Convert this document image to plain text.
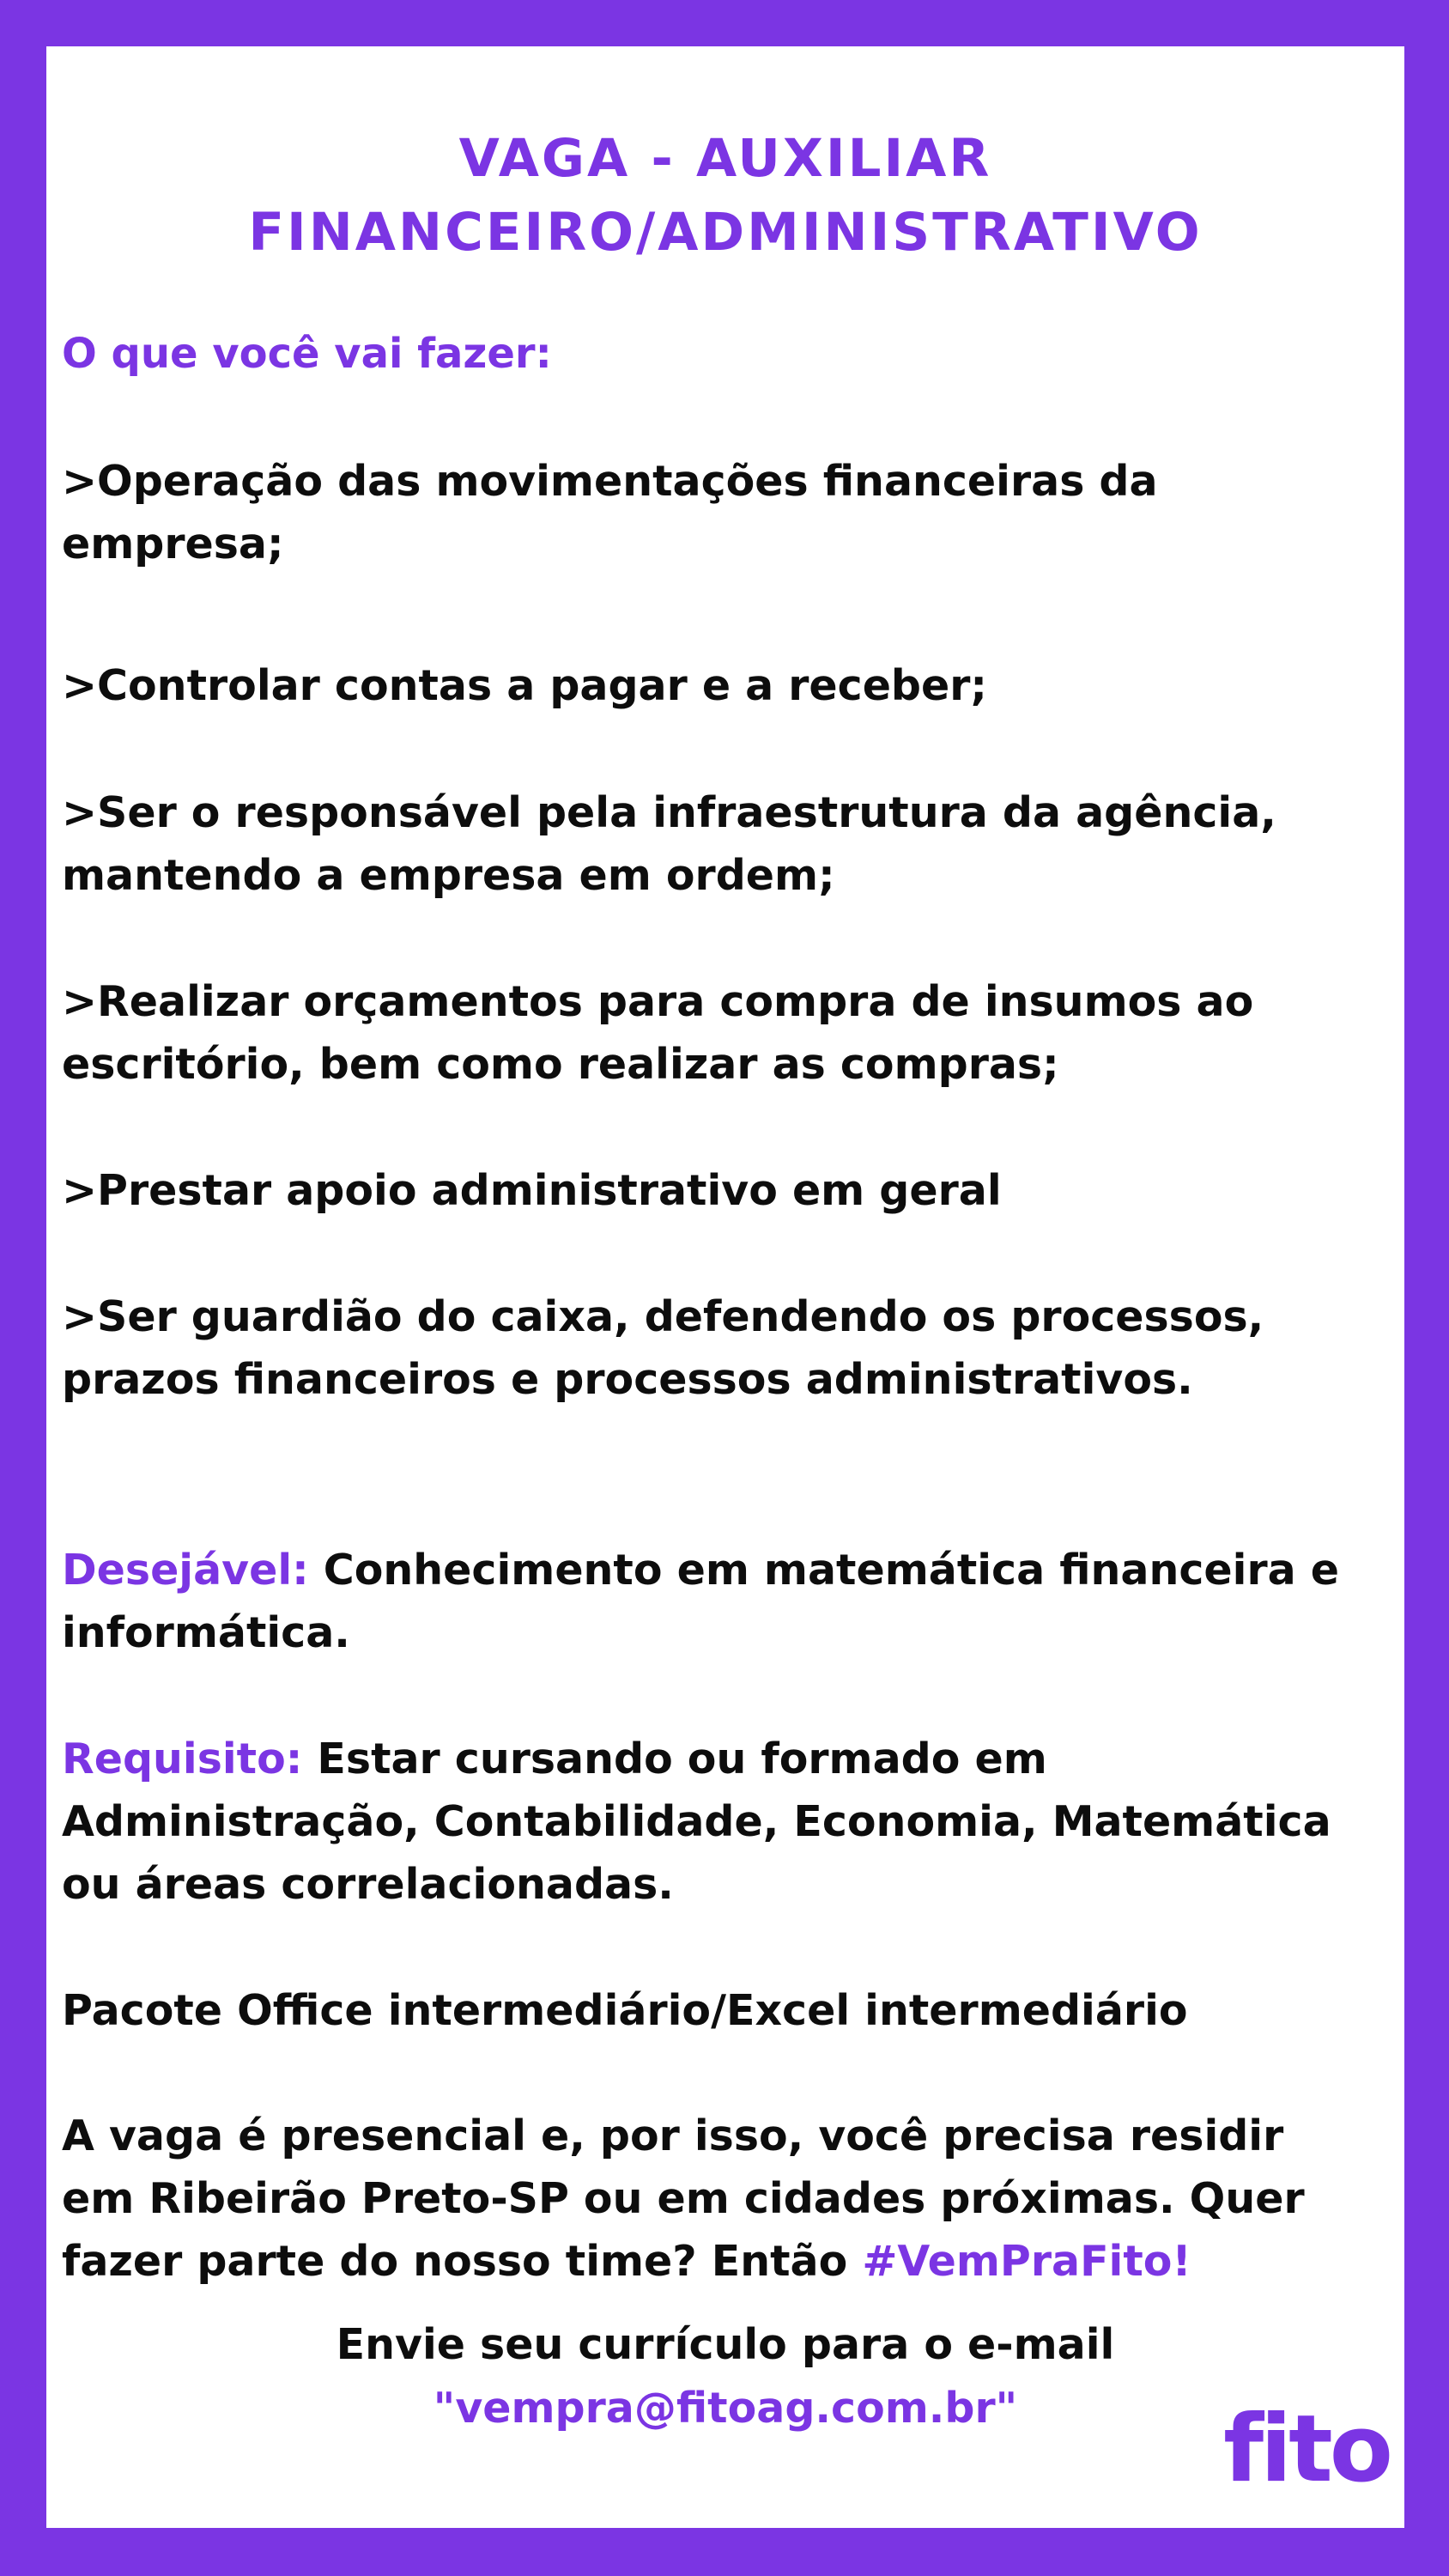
VAGA - AUXILIAR
FINANCEIRO/ADMINISTRATIVO
O que você vai fazer:
>Operação das movimentações financeiras da
empresa;
>Controlar contas a pagar e a receber;
>Ser o responsável pela infraestrutura da agência,
mantendo a empresa em ordem;
>Realizar orçamentos para compra de insumos ao
escritório, bem como realizar as compras;
>Prestar apoio administrativo em geral
>Ser guardião do caixa, defendendo os processos,
prazos financeiros e processos administrativos.
Desejável: Conhecimento em matemática financeira e
informática.
Requisito: Estar cursando ou formado em
Administração, Contabilidade, Economia, Matemática
ou áreas correlacionadas.
Pacote Office intermediário/Excel intermediário
A vaga é presencial e, por isso, você precisa residir
em Ribeirão Preto-SP ou em cidades próximas. Quer
fazer parte do nosso time? Então #VemPraFito!
Envie seu currículo para o e-mail
"vempra@fitoag.com.br"	fito
